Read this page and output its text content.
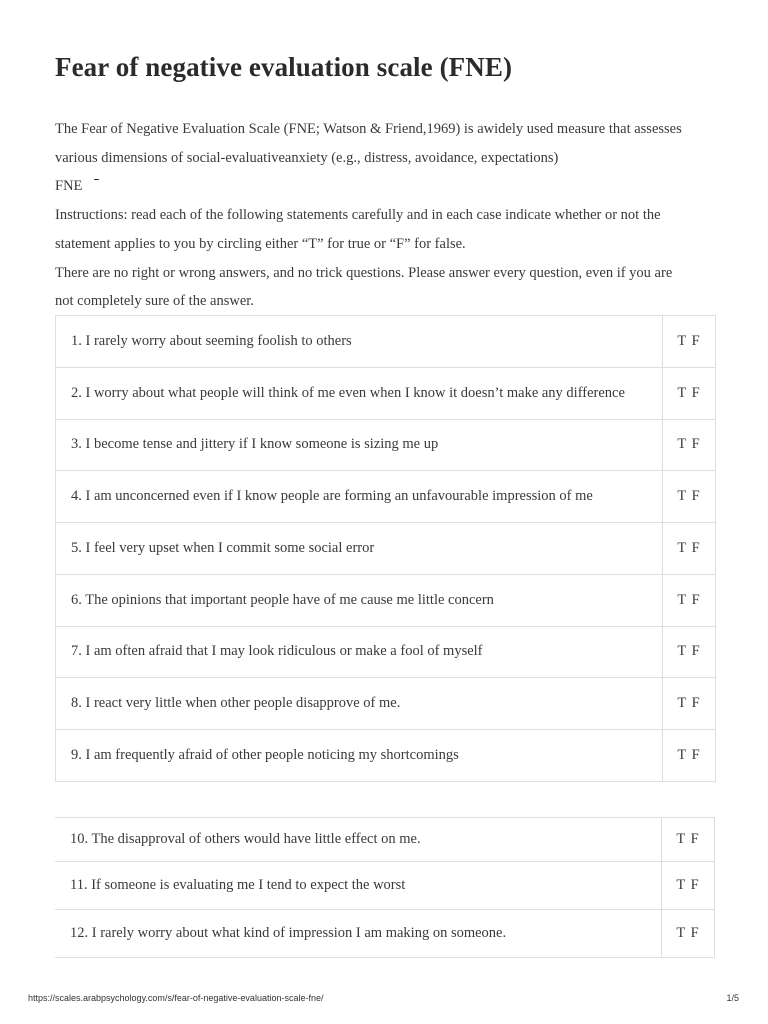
Fear of negative evaluation scale (FNE)

The Fear of Negative Evaluation Scale (FNE; Watson & Friend,1969) is awidely used measure that assesses

various dimensions of social-evaluativeanxiety (e.g., distress, avoidance, expectations)

FNE

Instructions: read each of the following statements carefully and in each case indicate whether or not the

statement applies to you by circling either “T” for true or “F” for false.

There are no right or wrong answers, and no trick questions. Please answer every question, even if you are

not completely sure of the answer.

1. I rarely worry about seeming foolish to others	T F
2. I worry about what people will think of me even when I know it doesn’t make any difference	T F
3. I become tense and jittery if I know someone is sizing me up	T F
4. I am unconcerned even if I know people are forming an unfavourable impression of me	T F
5. I feel very upset when I commit some social error	T F
6. The opinions that important people have of me cause me little concern	T F
7. I am often afraid that I may look ridiculous or make a fool of myself	T F
8. I react very little when other people disapprove of me.	T F
9. I am frequently afraid of other people noticing my shortcomings	T F
10. The disapproval of others would have little effect on me.	T F
11. If someone is evaluating me I tend to expect the worst	T F
12. I rarely worry about what kind of impression I am making on someone.	T F
https://scales.arabpsychology.com/s/fear-of-negative-evaluation-scale-fne/	1/5
